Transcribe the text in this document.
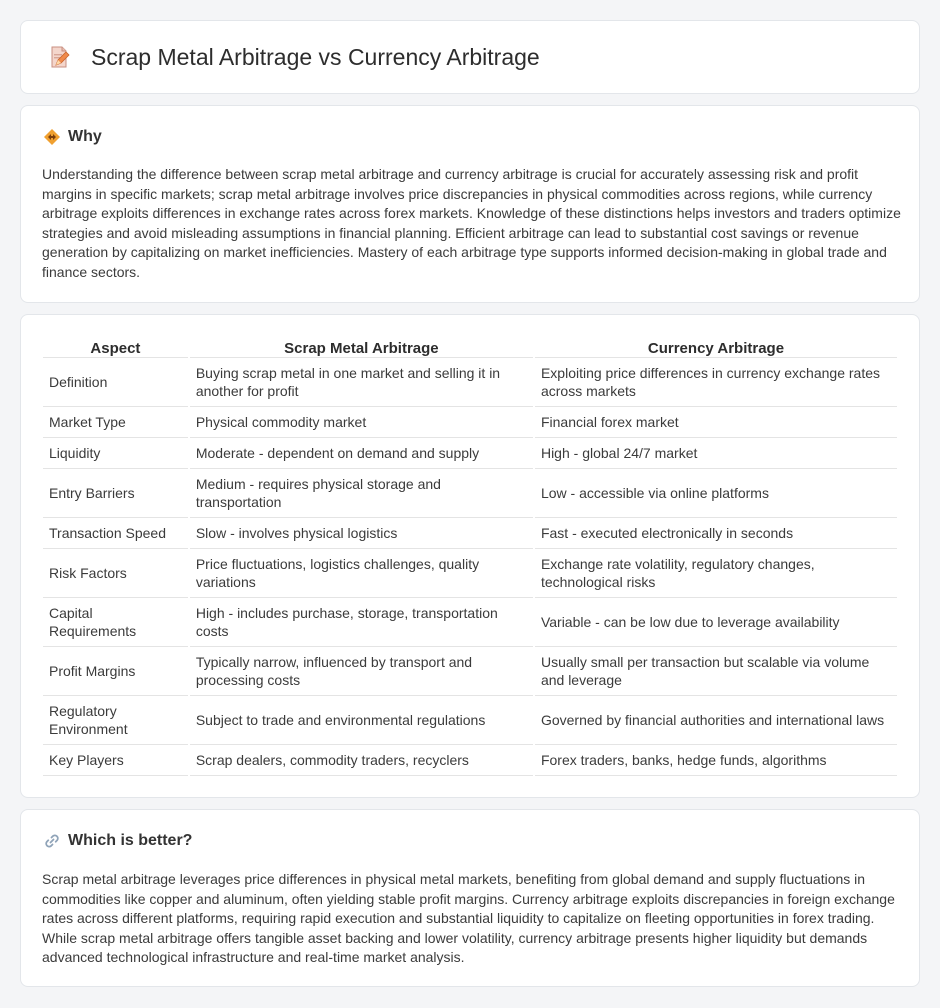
Scrap Metal Arbitrage vs Currency Arbitrage
Why

Understanding the difference between scrap metal arbitrage and currency arbitrage is crucial for accurately assessing risk and profit margins in specific markets; scrap metal arbitrage involves price discrepancies in physical commodities across regions, while currency arbitrage exploits differences in exchange rates across forex markets. Knowledge of these distinctions helps investors and traders optimize strategies and avoid misleading assumptions in financial planning. Efficient arbitrage can lead to substantial cost savings or revenue generation by capitalizing on market inefficiencies. Mastery of each arbitrage type supports informed decision-making in global trade and finance sectors.

Aspect	Scrap Metal Arbitrage	Currency Arbitrage
Definition	Buying scrap metal in one market and selling it in another for profit	Exploiting price differences in currency exchange rates across markets
Market Type	Physical commodity market	Financial forex market
Liquidity	Moderate - dependent on demand and supply	High - global 24/7 market
Entry Barriers	Medium - requires physical storage and transportation	Low - accessible via online platforms
Transaction Speed	Slow - involves physical logistics	Fast - executed electronically in seconds
Risk Factors	Price fluctuations, logistics challenges, quality variations	Exchange rate volatility, regulatory changes, technological risks
Capital Requirements	High - includes purchase, storage, transportation costs	Variable - can be low due to leverage availability
Profit Margins	Typically narrow, influenced by transport and processing costs	Usually small per transaction but scalable via volume and leverage
Regulatory Environment	Subject to trade and environmental regulations	Governed by financial authorities and international laws
Key Players	Scrap dealers, commodity traders, recyclers	Forex traders, banks, hedge funds, algorithms
Which is better?

Scrap metal arbitrage leverages price differences in physical metal markets, benefiting from global demand and supply fluctuations in commodities like copper and aluminum, often yielding stable profit margins. Currency arbitrage exploits discrepancies in foreign exchange rates across different platforms, requiring rapid execution and substantial liquidity to capitalize on fleeting opportunities in forex trading. While scrap metal arbitrage offers tangible asset backing and lower volatility, currency arbitrage presents higher liquidity but demands advanced technological infrastructure and real-time market analysis.
